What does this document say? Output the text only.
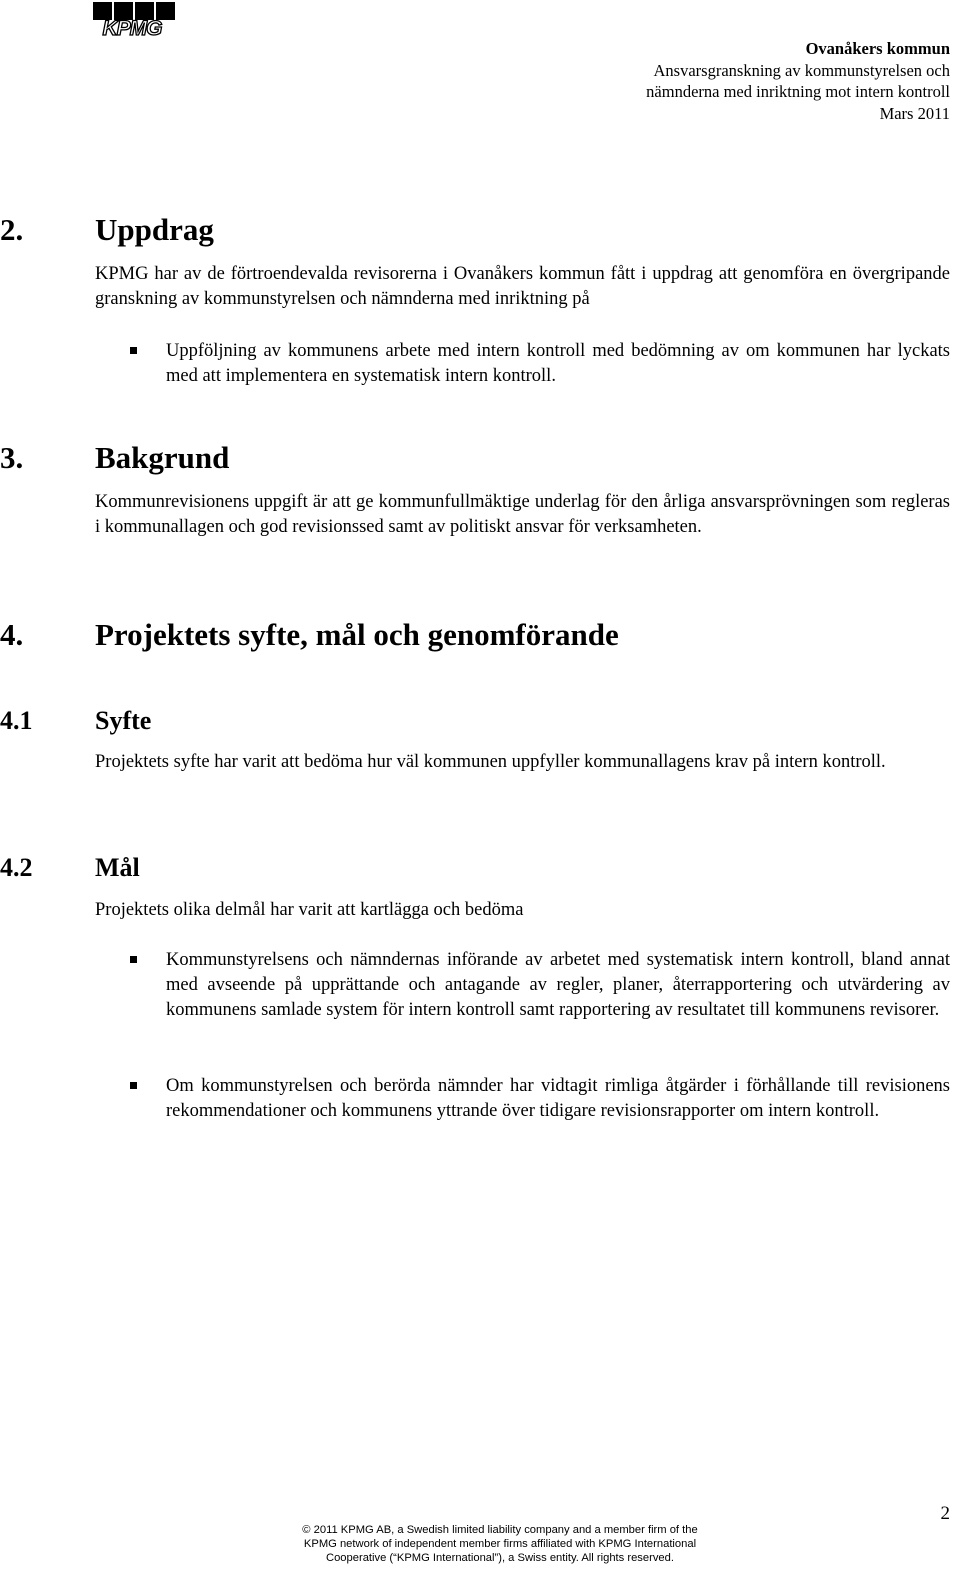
KPMG
Ovanåkers kommun
Ansvarsgranskning av kommunstyrelsen och
nämnderna med inriktning mot intern kontroll
Mars 2011
2. Uppdrag
KPMG har av de förtroendevalda revisorerna i Ovanåkers kommun fått i uppdrag att genomföra en övergripande granskning av kommunstyrelsen och nämnderna med inriktning på
Uppföljning av kommunens arbete med intern kontroll med bedömning av om kommunen har lyckats med att implementera en systematisk intern kontroll.
3. Bakgrund
Kommunrevisionens uppgift är att ge kommunfullmäktige underlag för den årliga ansvarsprövningen som regleras i kommunallagen och god revisionssed samt av politiskt ansvar för verksamheten.
4. Projektets syfte, mål och genomförande
4.1 Syfte
Projektets syfte har varit att bedöma hur väl kommunen uppfyller kommunallagens krav på intern kontroll.
4.2 Mål
Projektets olika delmål har varit att kartlägga och bedöma
Kommunstyrelsens och nämndernas införande av arbetet med systematisk intern kontroll, bland annat med avseende på upprättande och antagande av regler, planer, återrapportering och utvärdering av kommunens samlade system för intern kontroll samt rapportering av resultatet till kommunens revisorer.
Om kommunstyrelsen och berörda nämnder har vidtagit rimliga åtgärder i förhållande till revisionens rekommendationer och kommunens yttrande över tidigare revisionsrapporter om intern kontroll.
2
© 2011 KPMG AB, a Swedish limited liability company and a member firm of the
KPMG network of independent member firms affiliated with KPMG International
Cooperative (“KPMG International”), a Swiss entity. All rights reserved.
